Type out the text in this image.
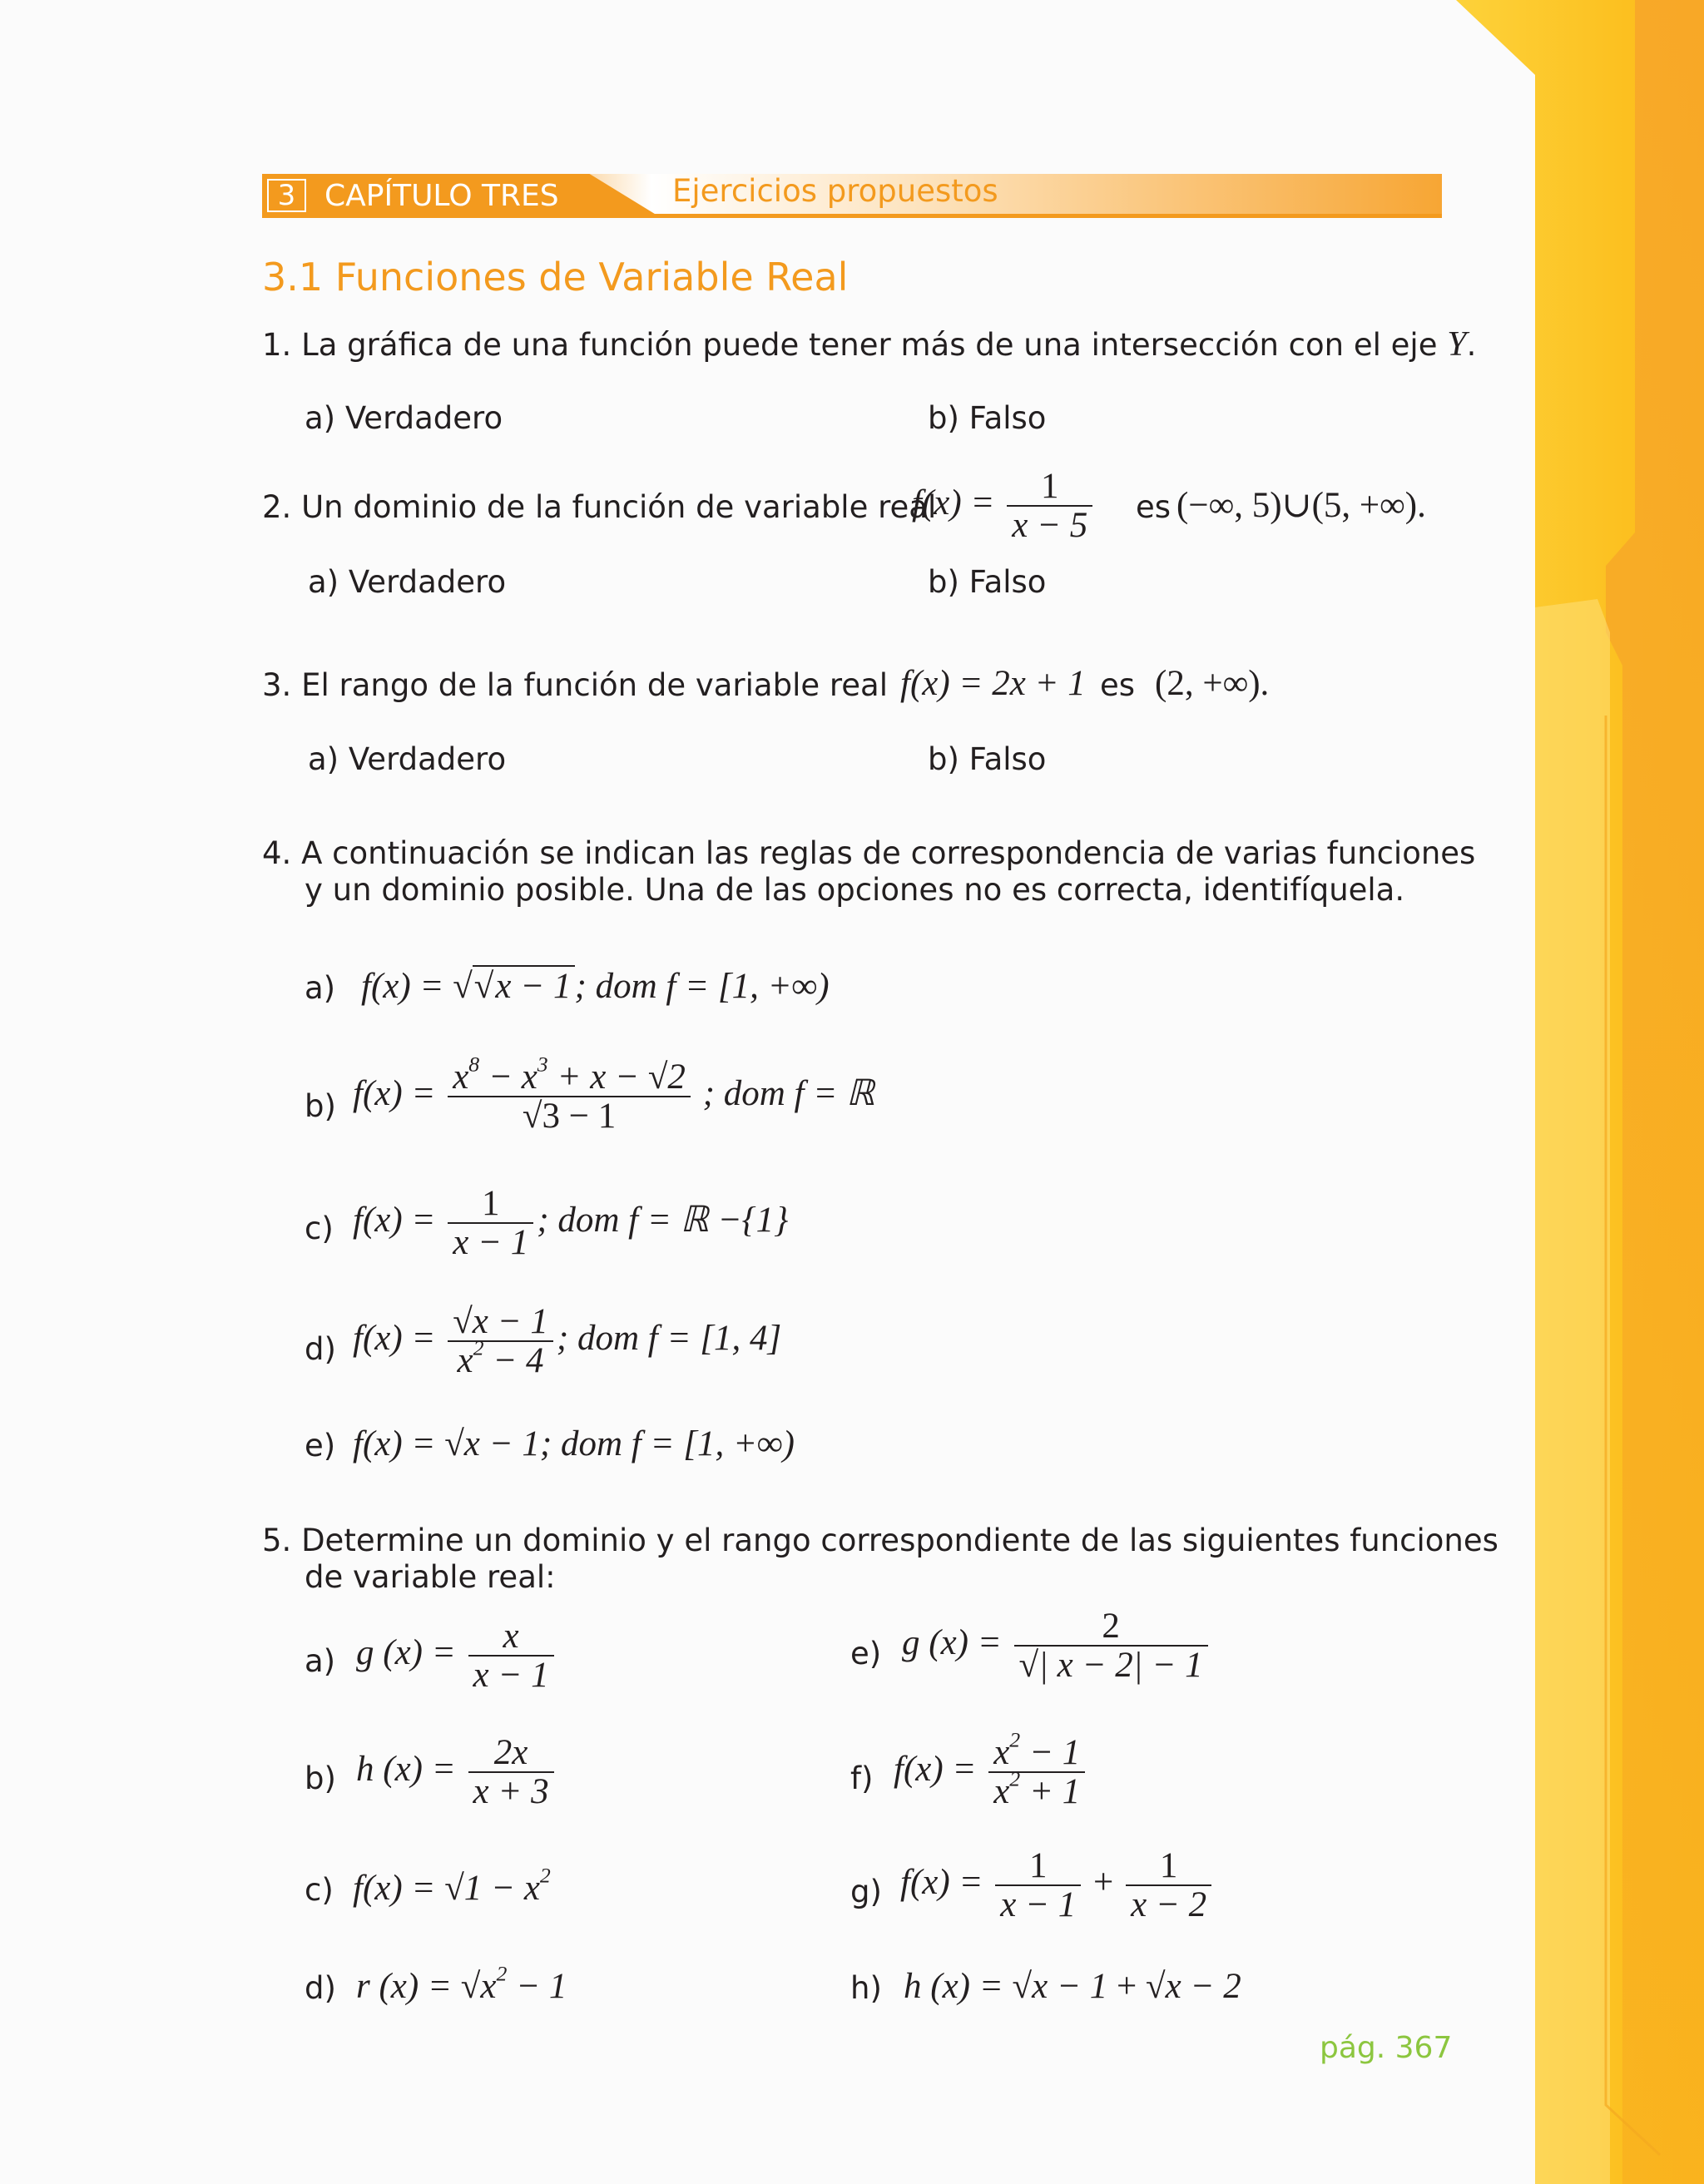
3 CAPÍTULO TRES	Ejercicios propuestos
3.1 Funciones de Variable Real
1. La gráfica de una función puede tener más de una intersección con el eje Y.
a) Verdadero	b) Falso
2. Un dominio de la función de variable real
$f(x) = \frac{1}{x - 5}$ es (−∞, 5)∪(5, +∞).
a) Verdadero	b) Falso
3. El rango de la función de variable real f(x) = 2x + 1 es (2, +∞).
a) Verdadero	b) Falso
4. A continuación se indican las reglas de correspondencia de varias funciones
y un dominio posible. Una de las opciones no es correcta, identifíquela.
a) f(x) = √√x − 1; dom f = [1, +∞)
b) $f(x) = \frac{x^8 - x^3 + x - √2}{√3 - 1}$ ; dom f = ℝ
c) $f(x) = \frac{1}{x - 1}$ ; dom f = ℝ −{1}
d) $f(x) = \frac{√x - 1}{x^2 - 4}$ ; dom f = [1, 4]
e) f(x) = √x − 1; dom f = [1, +∞)
5. Determine un dominio y el rango correspondiente de las siguientes funciones
de variable real:
a) g $(x) = \frac{x}{x - 1}$
b) h $(x) = \frac{2x}{x + 3}$
c) $f(x) = √1 - x^2$
d) r $(x) = √x^2 - 1$
e) g $(x) = \frac{2}{√| x - 2| - 1}$
f) $f(x) = \frac{x^2 - 1}{x^2 + 1}$
g) $f(x) = \frac{1}{x - 1} + \frac{1}{x - 2}$
h) h (x) = √x − 1 + √x − 2
pág. 367
